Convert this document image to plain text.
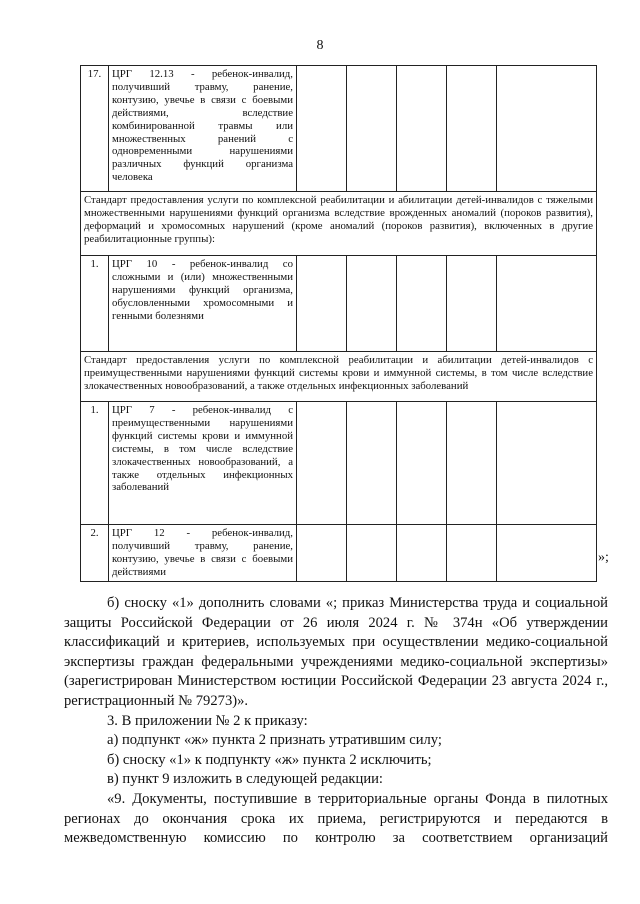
8
17.	ЦРГ 12.13 - ребенок-инвалид, получивший травму, ранение, контузию, увечье в связи с боевыми действиями, вследствие комбинированной травмы или множественных ранений с одновременными нарушениями различных функций организма человека					
Стандарт предоставления услуги по комплексной реабилитации и абилитации детей-инвалидов с тяжелыми множественными нарушениями функций организма вследствие врожденных аномалий (пороков развития), деформаций и хромосомных нарушений (кроме аномалий (пороков развития), включенных в другие реабилитационные группы):						
1.	ЦРГ 10 - ребенок-инвалид со сложными и (или) множественными нарушениями функций организма, обусловленными хромосомными и генными болезнями					
Стандарт предоставления услуги по комплексной реабилитации и абилитации детей-инвалидов с преимущественными нарушениями функций системы крови и иммунной системы, в том числе вследствие злокачественных новообразований, а также отдельных инфекционных заболеваний						
1.	ЦРГ 7 - ребенок-инвалид с преимущественными нарушениями функций системы крови и иммунной системы, в том числе вследствие злокачественных новообразований, а также отдельных инфекционных заболеваний					
2.	ЦРГ 12 - ребенок-инвалид, получивший травму, ранение, контузию, увечье в связи с боевыми действиями					
»;

б) сноску «1» дополнить словами «; приказ Министерства труда и социальной защиты Российской Федерации от 26 июля 2024 г. № 374н «Об утверждении классификаций и критериев, используемых при осуществлении медико-социальной экспертизы граждан федеральными учреждениями медико-социальной экспертизы» (зарегистрирован Министерством юстиции Российской Федерации 23 августа 2024 г., регистрационный № 79273)».

3. В приложении № 2 к приказу:

а) подпункт «ж» пункта 2 признать утратившим силу;

б) сноску «1» к подпункту «ж» пункта 2 исключить;

в) пункт 9 изложить в следующей редакции:

«9. Документы, поступившие в территориальные органы Фонда в пилотных регионах до окончания срока их приема, регистрируются и передаются в межведомственную комиссию по контролю за соответствием организаций
